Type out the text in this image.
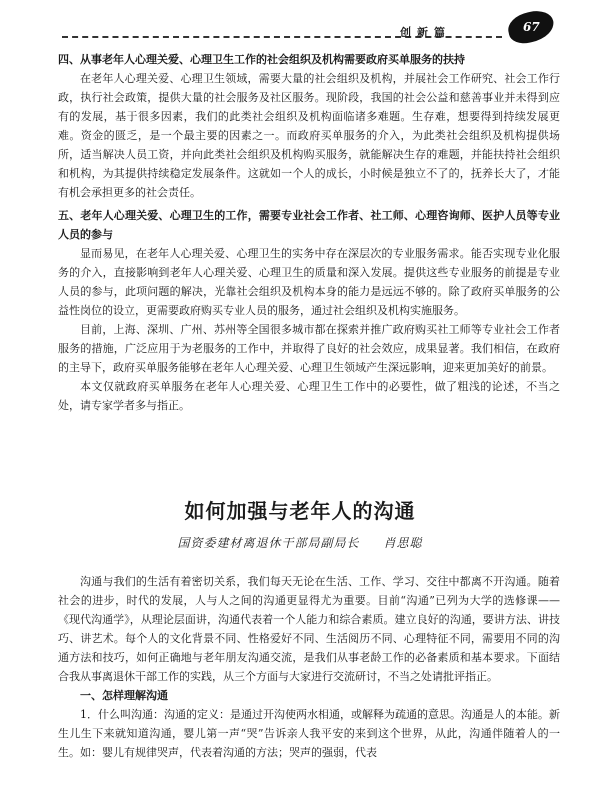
创新篇	67

四、从事老年人心理关爱、心理卫生工作的社会组织及机构需要政府买单服务的扶持

在老年人心理关爱、心理卫生领域，需要大量的社会组织及机构，并展社会工作研究、社会工作行政，执行社会政策，提供大量的社会服务及社区服务。现阶段，我国的社会公益和慈善事业并未得到应有的发展，基于很多因素，我们的此类社会组织及机构面临诸多难题。生存难，想要得到持续发展更难。资金的匮乏，是一个最主要的因素之一。而政府买单服务的介入，为此类社会组织及机构提供场所，适当解决人员工资，并向此类社会组织及机构购买服务，就能解决生存的难题，并能扶持社会组织和机构，为其提供持续稳定发展条件。这就如一个人的成长，小时候是独立不了的，抚养长大了，才能有机会承担更多的社会责任。

五、老年人心理关爱、心理卫生的工作，需要专业社会工作者、社工师、心理咨询师、医护人员等专业人员的参与

显而易见，在老年人心理关爱、心理卫生的实务中存在深层次的专业服务需求。能否实现专业化服务的介入，直接影响到老年人心理关爱、心理卫生的质量和深入发展。提供这些专业服务的前提是专业人员的参与，此项问题的解决，光靠社会组织及机构本身的能力是远远不够的。除了政府买单服务的公益性岗位的设立，更需要政府购买专业人员的服务，通过社会组织及机构实施服务。

目前，上海、深圳、广州、苏州等全国很多城市都在探索并推广政府购买社工师等专业社会工作者服务的措施，广泛应用于为老服务的工作中，并取得了良好的社会效应，成果显著。我们相信，在政府的主导下，政府买单服务能够在老年人心理关爱、心理卫生领域产生深远影响，迎来更加美好的前景。

本文仅就政府买单服务在老年人心理关爱、心理卫生工作中的必要性，做了粗浅的论述，不当之处，请专家学者多与指正。

如何加强与老年人的沟通
国资委建材离退休干部局副局长 肖思聪

沟通与我们的生活有着密切关系，我们每天无论在生活、工作、学习、交往中都离不开沟通。随着社会的进步，时代的发展，人与人之间的沟通更显得尤为重要。目前“沟通”已列为大学的选修课——《现代沟通学》，从理论层面讲，沟通代表着一个人能力和综合素质。建立良好的沟通，要讲方法、讲技巧、讲艺术。每个人的文化背景不同、性格爱好不同、生活阅历不同、心理特征不同，需要用不同的沟通方法和技巧，如何正确地与老年朋友沟通交流，是我们从事老龄工作的必备素质和基本要求。下面结合我从事离退休干部工作的实践，从三个方面与大家进行交流研讨，不当之处请批评指正。

一、怎样理解沟通

1．什么叫沟通：沟通的定义：是通过开沟使两水相通，或解释为疏通的意思。沟通是人的本能。新生儿生下来就知道沟通，婴儿第一声“哭”告诉亲人我平安的来到这个世界，从此，沟通伴随着人的一生。如：婴儿有规律哭声，代表着沟通的方法；哭声的强弱，代表
